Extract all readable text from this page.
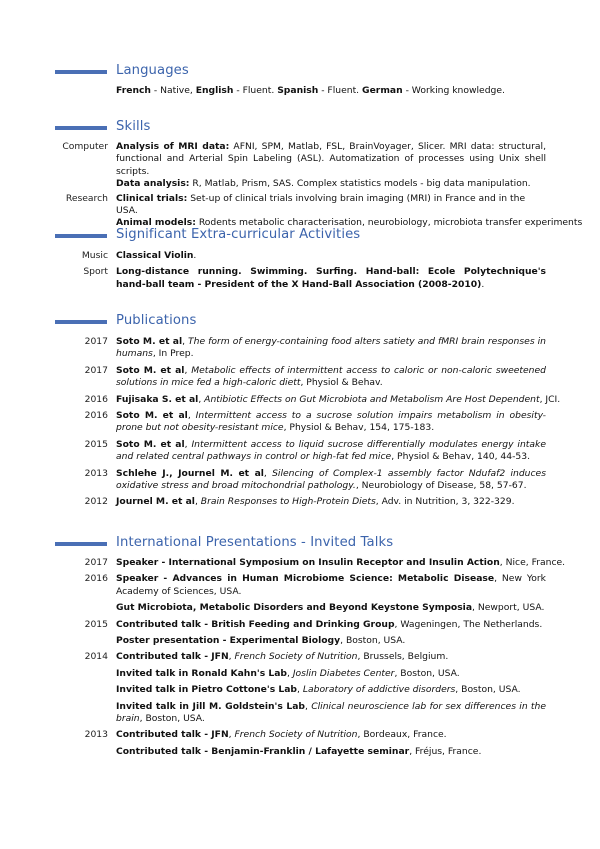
Languages
French - Native, English - Fluent. Spanish - Fluent. German - Working knowledge.
Skills
Computer Analysis of MRI data: AFNI, SPM, Matlab, FSL, BrainVoyager, Slicer. MRI data: structural, functional and Arterial Spin Labeling (ASL). Automatization of processes using Unix shell scripts.
Data analysis: R, Matlab, Prism, SAS. Complex statistics models - big data manipulation.
Research Clinical trials: Set-up of clinical trials involving brain imaging (MRI) in France and in the USA.
Animal models: Rodents metabolic characterisation, neurobiology, microbiota transfer experiments
Significant Extra-curricular Activities
Music Classical Violin.
Sport Long-distance running. Swimming. Surfing. Hand-ball: Ecole Polytechnique's hand-ball team - President of the X Hand-Ball Association (2008-2010).
Publications
2017 Soto M. et al, The form of energy-containing food alters satiety and fMRI brain responses in humans, In Prep.
2017 Soto M. et al, Metabolic effects of intermittent access to caloric or non-caloric sweetened solutions in mice fed a high-caloric diett, Physiol & Behav.
2016 Fujisaka S. et al, Antibiotic Effects on Gut Microbiota and Metabolism Are Host Dependent, JCI.
2016 Soto M. et al, Intermittent access to a sucrose solution impairs metabolism in obesity-prone but not obesity-resistant mice, Physiol & Behav, 154, 175-183.
2015 Soto M. et al, Intermittent access to liquid sucrose differentially modulates energy intake and related central pathways in control or high-fat fed mice, Physiol & Behav, 140, 44-53.
2013 Schlehe J., Journel M. et al, Silencing of Complex-1 assembly factor Ndufaf2 induces oxidative stress and broad mitochondrial pathology., Neurobiology of Disease, 58, 57-67.
2012 Journel M. et al, Brain Responses to High-Protein Diets, Adv. in Nutrition, 3, 322-329.
International Presentations - Invited Talks
2017 Speaker - International Symposium on Insulin Receptor and Insulin Action, Nice, France.
2016 Speaker - Advances in Human Microbiome Science: Metabolic Disease, New York Academy of Sciences, USA.
Gut Microbiota, Metabolic Disorders and Beyond Keystone Symposia, Newport, USA.
2015 Contributed talk - British Feeding and Drinking Group, Wageningen, The Netherlands.
Poster presentation - Experimental Biology, Boston, USA.
2014 Contributed talk - JFN, French Society of Nutrition, Brussels, Belgium.
Invited talk in Ronald Kahn's Lab, Joslin Diabetes Center, Boston, USA.
Invited talk in Pietro Cottone's Lab, Laboratory of addictive disorders, Boston, USA.
Invited talk in Jill M. Goldstein's Lab, Clinical neuroscience lab for sex differences in the brain, Boston, USA.
2013 Contributed talk - JFN, French Society of Nutrition, Bordeaux, France.
Contributed talk - Benjamin-Franklin / Lafayette seminar, Fréjus, France.
